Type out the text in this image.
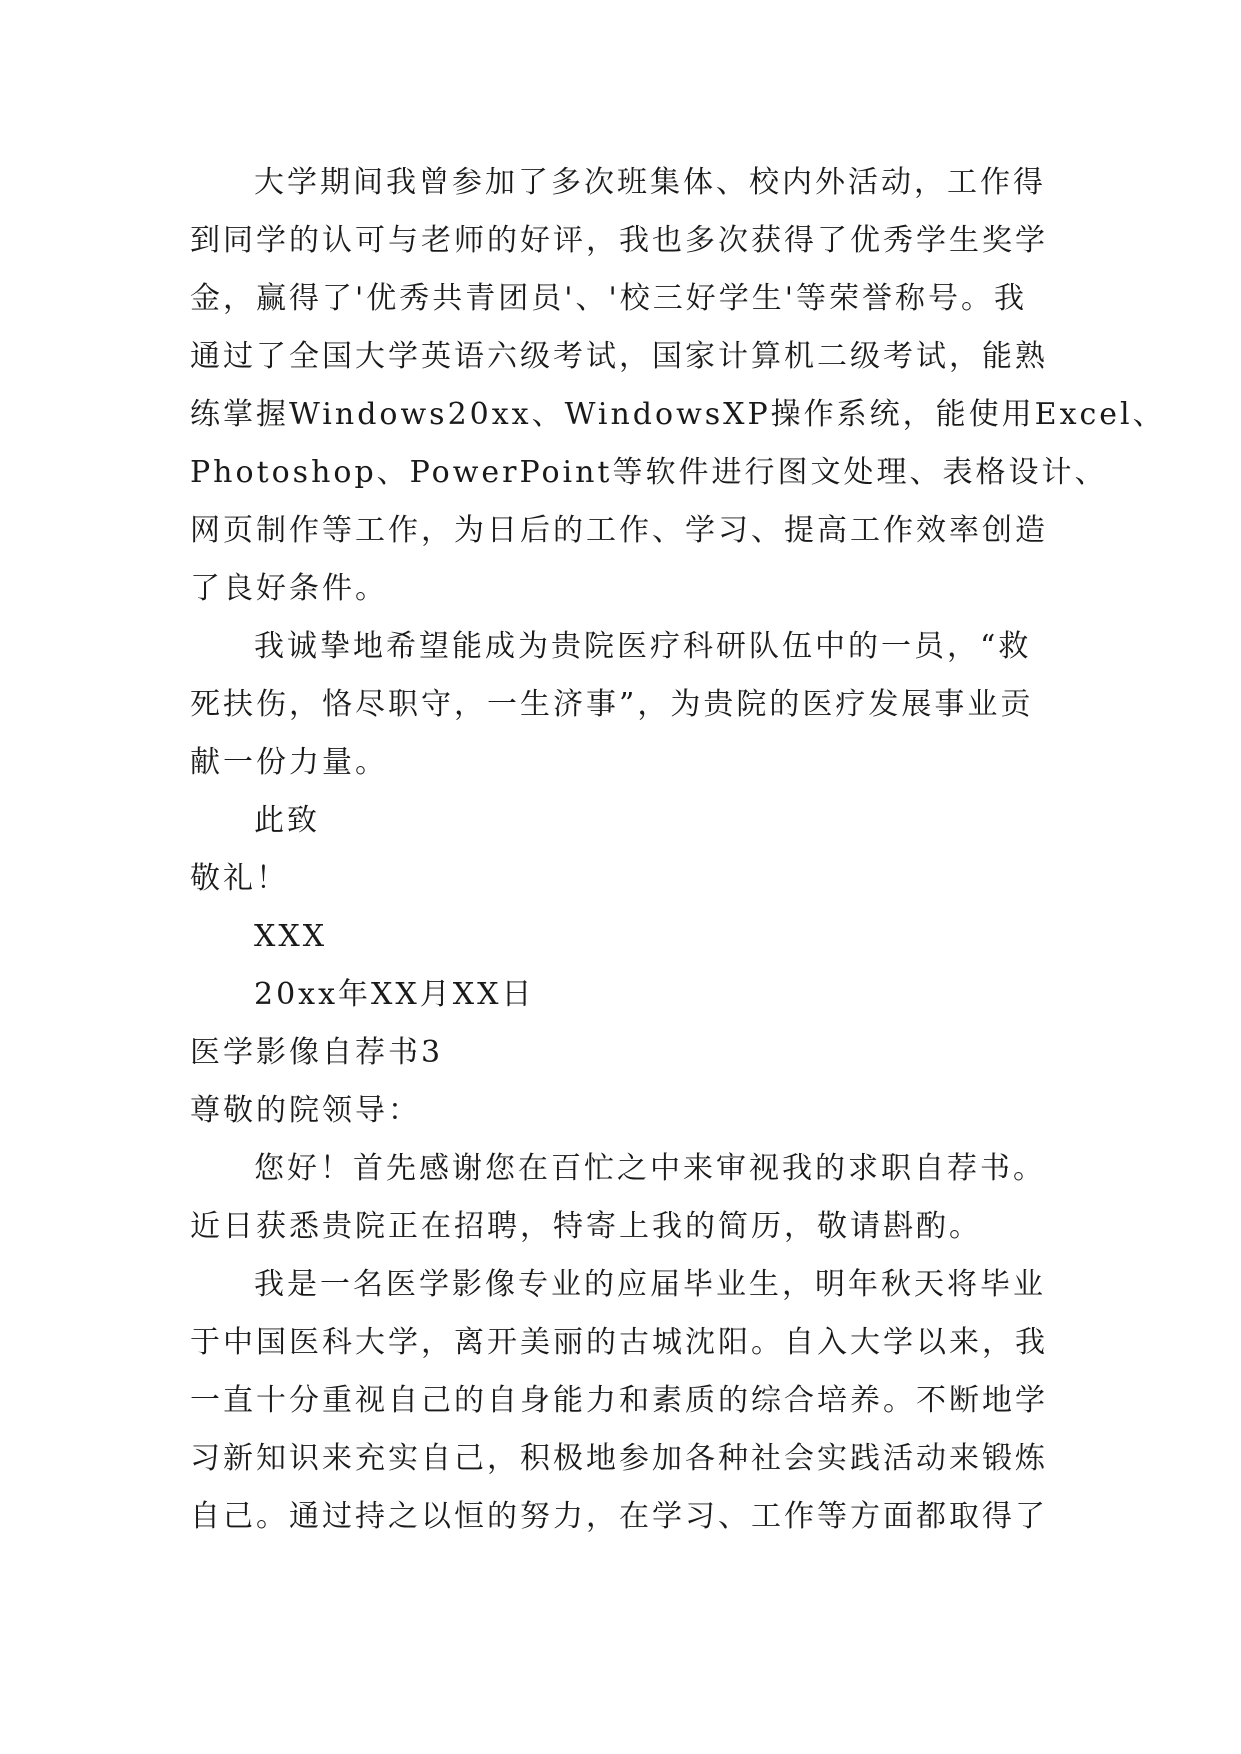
大学期间我曾参加了多次班集体、校内外活动，工作得
到同学的认可与老师的好评，我也多次获得了优秀学生奖学
金，赢得了'优秀共青团员'、'校三好学生'等荣誉称号。我
通过了全国大学英语六级考试，国家计算机二级考试，能熟
练掌握Windows20xx、WindowsXP操作系统，能使用Excel、
Photoshop、PowerPoint等软件进行图文处理、表格设计、
网页制作等工作，为日后的工作、学习、提高工作效率创造
了良好条件。
我诚挚地希望能成为贵院医疗科研队伍中的一员，“救
死扶伤，恪尽职守，一生济事”，为贵院的医疗发展事业贡
献一份力量。
此致
敬礼！
XXX
20xx年XX月XX日
医学影像自荐书3
尊敬的院领导：
您好！首先感谢您在百忙之中来审视我的求职自荐书。
近日获悉贵院正在招聘，特寄上我的简历，敬请斟酌。
我是一名医学影像专业的应届毕业生，明年秋天将毕业
于中国医科大学，离开美丽的古城沈阳。自入大学以来，我
一直十分重视自己的自身能力和素质的综合培养。不断地学
习新知识来充实自己，积极地参加各种社会实践活动来锻炼
自己。通过持之以恒的努力，在学习、工作等方面都取得了
